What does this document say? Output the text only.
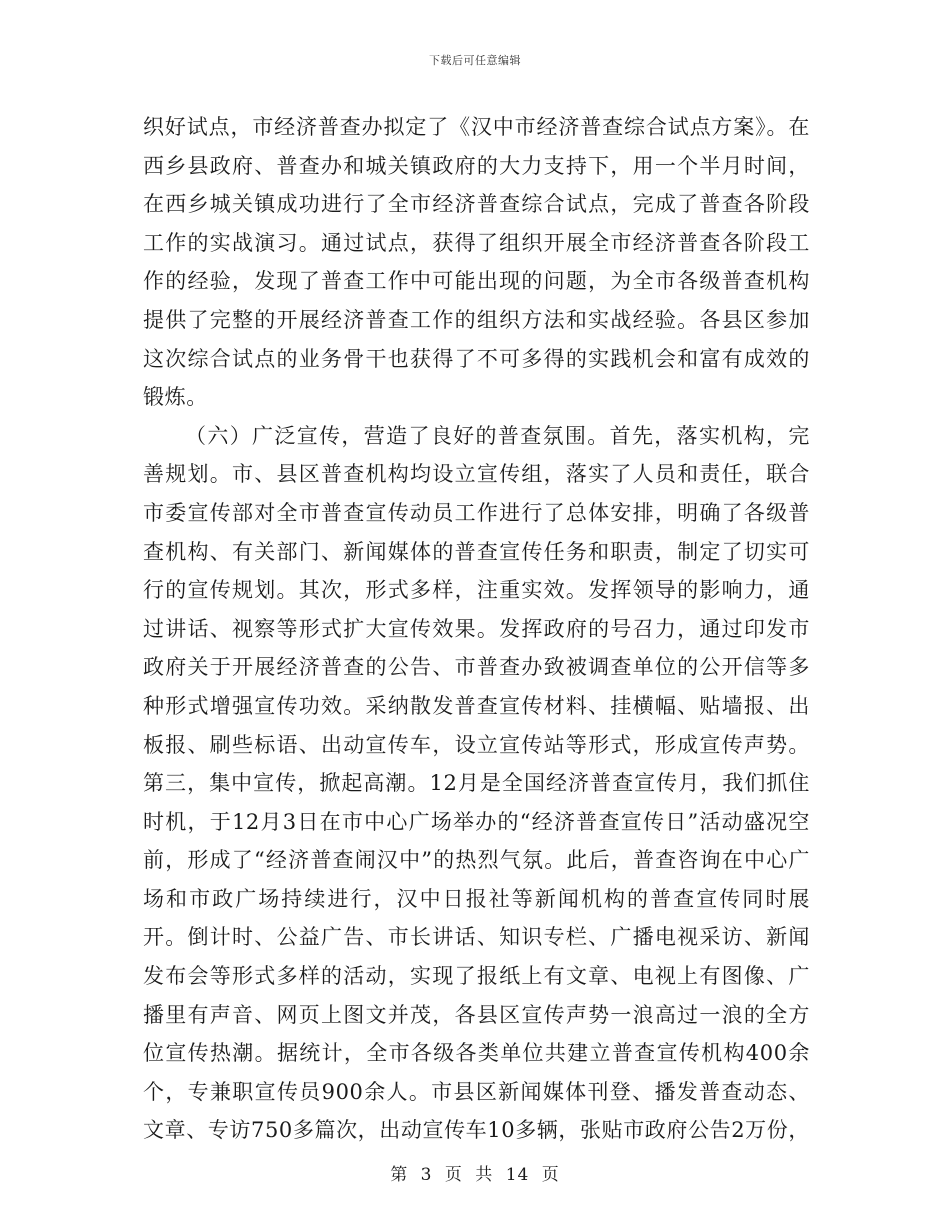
下载后可任意编辑

织好试点，市经济普查办拟定了《汉中市经济普查综合试点方案》。在西乡县政府、普查办和城关镇政府的大力支持下，用一个半月时间，在西乡城关镇成功进行了全市经济普查综合试点，完成了普查各阶段工作的实战演习。通过试点，获得了组织开展全市经济普查各阶段工作的经验，发现了普查工作中可能出现的问题，为全市各级普查机构提供了完整的开展经济普查工作的组织方法和实战经验。各县区参加这次综合试点的业务骨干也获得了不可多得的实践机会和富有成效的锻炼。

（六）广泛宣传，营造了良好的普查氛围。首先，落实机构，完善规划。市、县区普查机构均设立宣传组，落实了人员和责任，联合市委宣传部对全市普查宣传动员工作进行了总体安排，明确了各级普查机构、有关部门、新闻媒体的普查宣传任务和职责，制定了切实可行的宣传规划。其次，形式多样，注重实效。发挥领导的影响力，通过讲话、视察等形式扩大宣传效果。发挥政府的号召力，通过印发市政府关于开展经济普查的公告、市普查办致被调查单位的公开信等多种形式增强宣传功效。采纳散发普查宣传材料、挂横幅、贴墙报、出板报、刷些标语、出动宣传车，设立宣传站等形式，形成宣传声势。第三，集中宣传，掀起高潮。12月是全国经济普查宣传月，我们抓住时机，于12月3日在市中心广场举办的“经济普查宣传日”活动盛况空前，形成了“经济普查闹汉中”的热烈气氛。此后，普查咨询在中心广场和市政广场持续进行，汉中日报社等新闻机构的普查宣传同时展开。倒计时、公益广告、市长讲话、知识专栏、广播电视采访、新闻发布会等形式多样的活动，实现了报纸上有文章、电视上有图像、广播里有声音、网页上图文并茂，各县区宣传声势一浪高过一浪的全方位宣传热潮。据统计，全市各级各类单位共建立普查宣传机构400余个，专兼职宣传员900余人。市县区新闻媒体刊登、播发普查动态、文章、专访750多篇次，出动宣传车10多辆，张贴市政府公告2万份，

第 3 页 共 14 页
